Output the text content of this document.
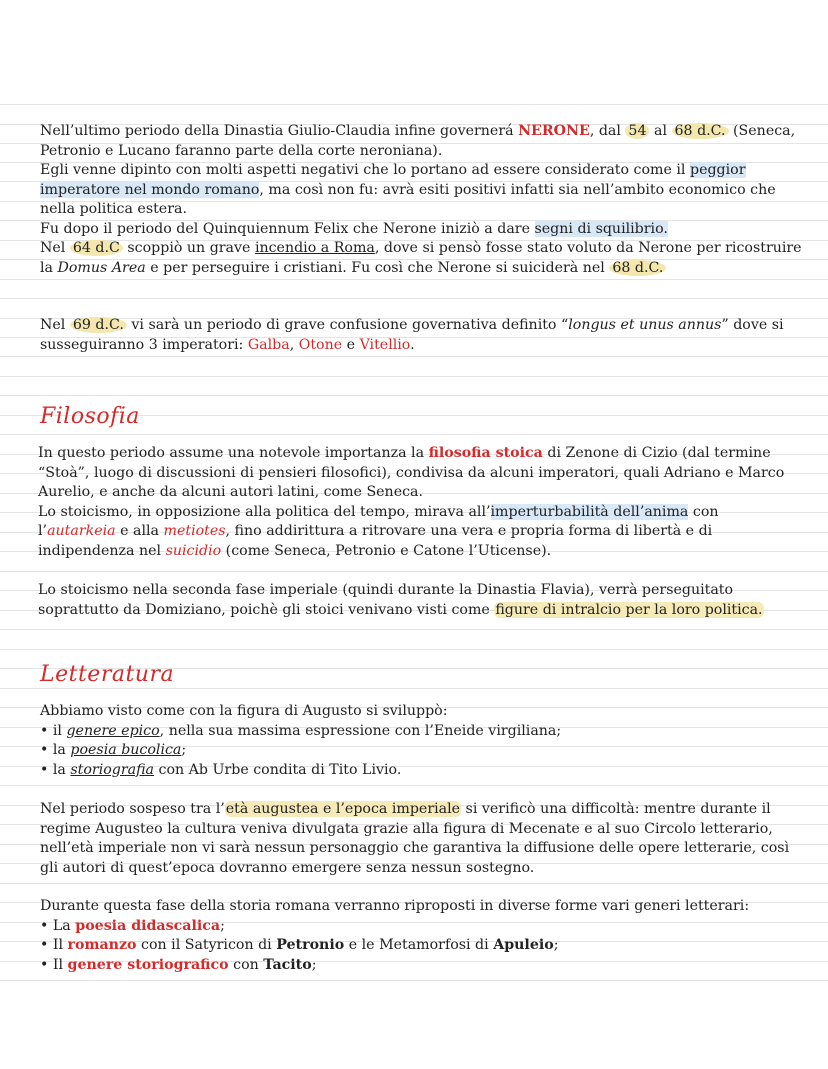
Nell’ultimo periodo della Dinastia Giulio-Claudia infine governerá NERONE, dal 54 al 68 d.C. (Seneca,
Petronio e Lucano faranno parte della corte neroniana).
Egli venne dipinto con molti aspetti negativi che lo portano ad essere considerato come il peggior
imperatore nel mondo romano, ma così non fu: avrà esiti positivi infatti sia nell’ambito economico che
nella politica estera.
Fu dopo il periodo del Quinquiennum Felix che Nerone iniziò a dare segni di squilibrio.
Nel 64 d.C scoppiò un grave incendio a Roma, dove si pensò fosse stato voluto da Nerone per ricostruire
la Domus Area e per perseguire i cristiani. Fu così che Nerone si suiciderà nel 68 d.C.
Nel 69 d.C. vi sarà un periodo di grave confusione governativa definito “longus et unus annus” dove si
susseguiranno 3 imperatori: Galba, Otone e Vitellio.
Filosofia
In questo periodo assume una notevole importanza la filosofia stoica di Zenone di Cizio (dal termine
“Stoà”, luogo di discussioni di pensieri filosofici), condivisa da alcuni imperatori, quali Adriano e Marco
Aurelio, e anche da alcuni autori latini, come Seneca.
Lo stoicismo, in opposizione alla politica del tempo, mirava all’imperturbabilità dell’anima con
l’autarkeia e alla metiotes, fino addirittura a ritrovare una vera e propria forma di libertà e di
indipendenza nel suicidio (come Seneca, Petronio e Catone l’Uticense).
Lo stoicismo nella seconda fase imperiale (quindi durante la Dinastia Flavia), verrà perseguitato
soprattutto da Domiziano, poichè gli stoici venivano visti come figure di intralcio per la loro politica.
Letteratura
Abbiamo visto come con la figura di Augusto si sviluppò:
• il genere epico, nella sua massima espressione con l’Eneide virgiliana;
• la poesia bucolica;
• la storiografia con Ab Urbe condita di Tito Livio.
Nel periodo sospeso tra l’età augustea e l’epoca imperiale si verificò una difficoltà: mentre durante il
regime Augusteo la cultura veniva divulgata grazie alla figura di Mecenate e al suo Circolo letterario,
nell’età imperiale non vi sarà nessun personaggio che garantiva la diffusione delle opere letterarie, così
gli autori di quest’epoca dovranno emergere senza nessun sostegno.
Durante questa fase della storia romana verranno riproposti in diverse forme vari generi letterari:
• La poesia didascalica;
• Il romanzo con il Satyricon di Petronio e le Metamorfosi di Apuleio;
• Il genere storiografico con Tacito;
